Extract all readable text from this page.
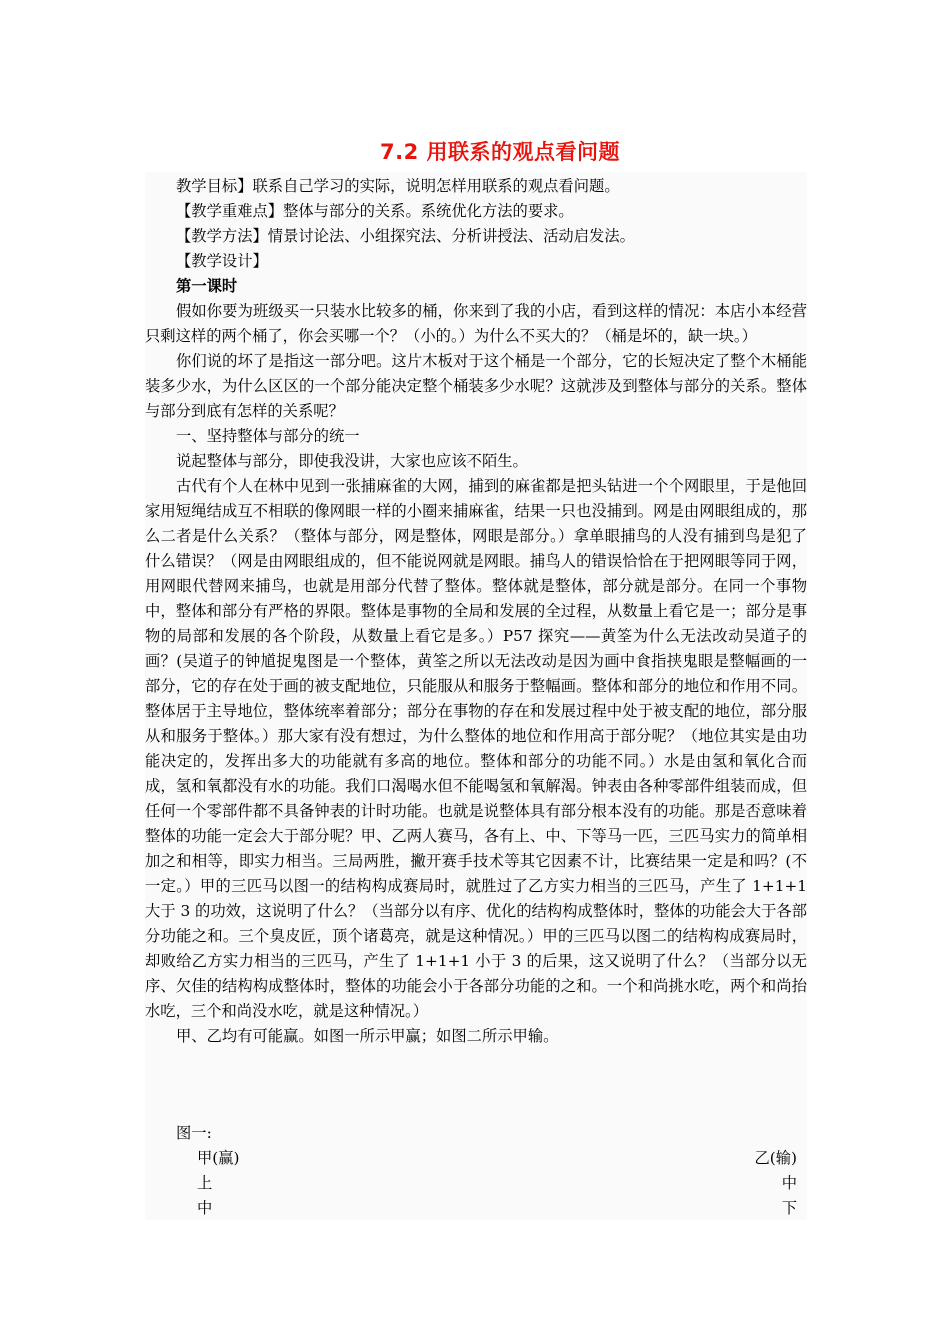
7.2 用联系的观点看问题

教学目标】联系自己学习的实际，说明怎样用联系的观点看问题。

【教学重难点】整体与部分的关系。系统优化方法的要求。

【教学方法】情景讨论法、小组探究法、分析讲授法、活动启发法。

【教学设计】

第一课时

假如你要为班级买一只装水比较多的桶，你来到了我的小店，看到这样的情况：本店小本经营只剩这样的两个桶了，你会买哪一个？（小的。）为什么不买大的？（桶是坏的，缺一块。）

你们说的坏了是指这一部分吧。这片木板对于这个桶是一个部分，它的长短决定了整个木桶能装多少水，为什么区区的一个部分能决定整个桶装多少水呢？这就涉及到整体与部分的关系。整体与部分到底有怎样的关系呢？

一、坚持整体与部分的统一

说起整体与部分，即使我没讲，大家也应该不陌生。

古代有个人在林中见到一张捕麻雀的大网，捕到的麻雀都是把头钻进一个个网眼里，于是他回家用短绳结成互不相联的像网眼一样的小圈来捕麻雀，结果一只也没捕到。网是由网眼组成的，那么二者是什么关系？（整体与部分，网是整体，网眼是部分。）拿单眼捕鸟的人没有捕到鸟是犯了什么错误？（网是由网眼组成的，但不能说网就是网眼。捕鸟人的错误恰恰在于把网眼等同于网，用网眼代替网来捕鸟，也就是用部分代替了整体。整体就是整体，部分就是部分。在同一个事物中，整体和部分有严格的界限。整体是事物的全局和发展的全过程，从数量上看它是一；部分是事物的局部和发展的各个阶段，从数量上看它是多。）P57 探究——黄筌为什么无法改动吴道子的画？(吴道子的钟馗捉鬼图是一个整体，黄筌之所以无法改动是因为画中食指挟鬼眼是整幅画的一部分，它的存在处于画的被支配地位，只能服从和服务于整幅画。整体和部分的地位和作用不同。整体居于主导地位，整体统率着部分；部分在事物的存在和发展过程中处于被支配的地位，部分服从和服务于整体。）那大家有没有想过，为什么整体的地位和作用高于部分呢？（地位其实是由功能决定的，发挥出多大的功能就有多高的地位。整体和部分的功能不同。）水是由氢和氧化合而成，氢和氧都没有水的功能。我们口渴喝水但不能喝氢和氧解渴。钟表由各种零部件组装而成，但任何一个零部件都不具备钟表的计时功能。也就是说整体具有部分根本没有的功能。那是否意味着整体的功能一定会大于部分呢？甲、乙两人赛马，各有上、中、下等马一匹，三匹马实力的简单相加之和相等，即实力相当。三局两胜，撇开赛手技术等其它因素不计，比赛结果一定是和吗？(不一定。）甲的三匹马以图一的结构构成赛局时，就胜过了乙方实力相当的三匹马，产生了 1+1+1 大于 3 的功效，这说明了什么？（当部分以有序、优化的结构构成整体时，整体的功能会大于各部分功能之和。三个臭皮匠，顶个诸葛亮，就是这种情况。）甲的三匹马以图二的结构构成赛局时，却败给乙方实力相当的三匹马，产生了 1+1+1 小于 3 的后果，这又说明了什么？（当部分以无序、欠佳的结构构成整体时，整体的功能会小于各部分功能的之和。一个和尚挑水吃，两个和尚抬水吃，三个和尚没水吃，就是这种情况。）

甲、乙均有可能赢。如图一所示甲赢；如图二所示甲输。

图一:
甲(赢)	乙(输)
上	中
中	下
